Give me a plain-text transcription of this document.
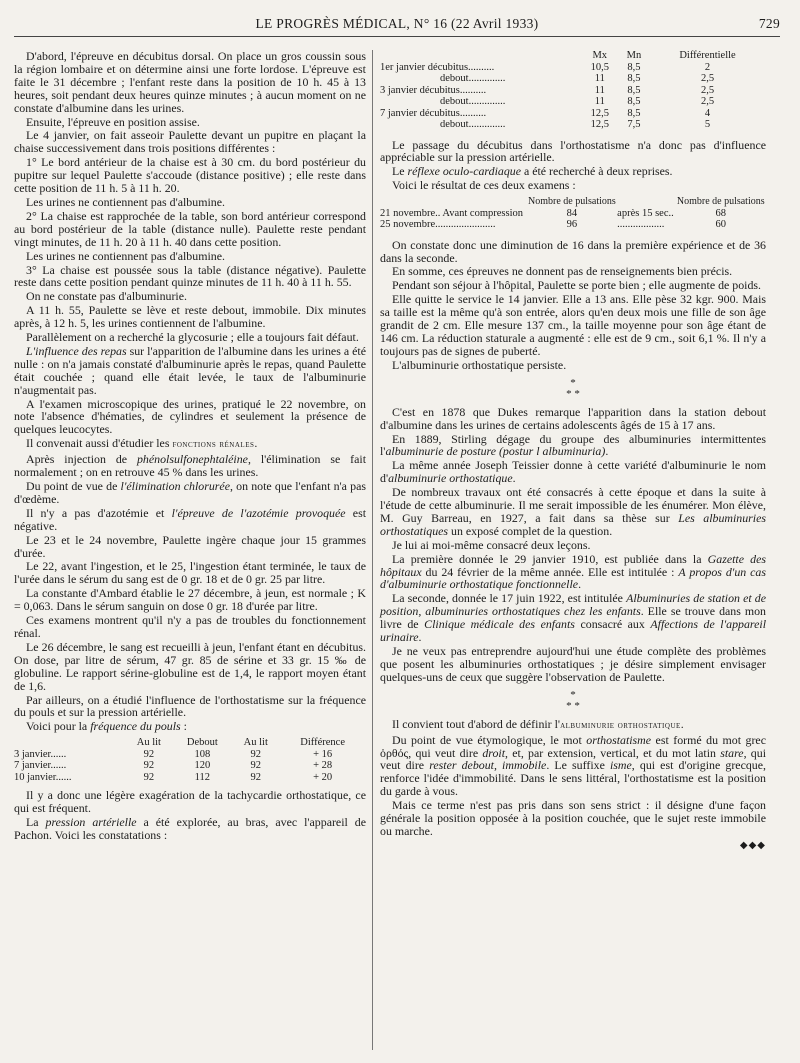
LE PROGRÈS MÉDICAL, N° 16 (22 Avril 1933)	729

D'abord, l'épreuve en décubitus dorsal. On place un gros coussin sous la région lombaire et on détermine ainsi une forte lordose. L'épreuve est faite le 31 décembre ; l'enfant reste dans la position de 10 h. 45 à 13 heures, soit pendant deux heures quinze minutes ; à aucun moment on ne constate d'albumine dans les urines.

Ensuite, l'épreuve en position assise.

Le 4 janvier, on fait asseoir Paulette devant un pupitre en plaçant la chaise successivement dans trois positions différentes :

1° Le bord antérieur de la chaise est à 30 cm. du bord postérieur du pupitre sur lequel Paulette s'accoude (distance positive) ; elle reste dans cette position de 11 h. 5 à 11 h. 20.

Les urines ne contiennent pas d'albumine.

2° La chaise est rapprochée de la table, son bord antérieur correspond au bord postérieur de la table (distance nulle). Paulette reste pendant vingt minutes, de 11 h. 20 à 11 h. 40 dans cette position.

Les urines ne contiennent pas d'albumine.

3° La chaise est poussée sous la table (distance négative). Paulette reste dans cette position pendant quinze minutes de 11 h. 40 à 11 h. 55.

On ne constate pas d'albuminurie.

A 11 h. 55, Paulette se lève et reste debout, immobile. Dix minutes après, à 12 h. 5, les urines contiennent de l'albumine.

Parallèlement on a recherché la glycosurie ; elle a toujours fait défaut.

L'influence des repas sur l'apparition de l'albumine dans les urines a été nulle : on n'a jamais constaté d'albuminurie après le repas, quand Paulette était couchée ; quand elle était levée, le taux de l'albuminurie n'augmentait pas.

A l'examen microscopique des urines, pratiqué le 22 novembre, on note l'absence d'hématies, de cylindres et seulement la présence de quelques leucocytes.

Il convenait aussi d'étudier les fonctions rénales.

Après injection de phénolsulfonephtaléine, l'élimination se fait normalement ; on en retrouve 45 % dans les urines.

Du point de vue de l'élimination chlorurée, on note que l'enfant n'a pas d'œdème.

Il n'y a pas d'azotémie et l'épreuve de l'azotémie provoquée est négative.

Le 23 et le 24 novembre, Paulette ingère chaque jour 15 grammes d'urée.

Le 22, avant l'ingestion, et le 25, l'ingestion étant terminée, le taux de l'urée dans le sérum du sang est de 0 gr. 18 et de 0 gr. 25 par litre.

La constante d'Ambard établie le 27 décembre, à jeun, est normale ; K = 0,063. Dans le sérum sanguin on dose 0 gr. 18 d'urée par litre.

Ces examens montrent qu'il n'y a pas de troubles du fonctionnement rénal.

Le 26 décembre, le sang est recueilli à jeun, l'enfant étant en décubitus. On dose, par litre de sérum, 47 gr. 85 de sérine et 33 gr. 15 ‰ de globuline. Le rapport sérine-globuline est de 1,4, le rapport moyen étant de 1,6.

Par ailleurs, on a étudié l'influence de l'orthostatisme sur la fréquence du pouls et sur la pression artérielle.

Voici pour la fréquence du pouls :

	Au lit	Debout	Au lit	Différence
3 janvier......	92	108	92	+ 16
7 janvier......	92	120	92	+ 28
10 janvier......	92	112	92	+ 20

Il y a donc une légère exagération de la tachycardie orthostatique, ce qui est fréquent.

La pression artérielle a été explorée, au bras, avec l'appareil de Pachon. Voici les constatations :

	Mx	Mn	Différentielle
1er janvier décubitus..........	10,5	8,5	2
debout..............	11	8,5	2,5
3 janvier décubitus..........	11	8,5	2,5
debout..............	11	8,5	2,5
7 janvier décubitus..........	12,5	8,5	4
debout..............	12,5	7,5	5

Le passage du décubitus dans l'orthostatisme n'a donc pas d'influence appréciable sur la pression artérielle.

Le réflexe oculo-cardiaque a été recherché à deux reprises.

Voici le résultat de ces deux examens :

	Nombre de pulsations		Nombre de pulsations
21 novembre.. Avant compression	84	après 15 sec..	68
25 novembre.......................	96	..................	60

On constate donc une diminution de 16 dans la première expérience et de 36 dans la seconde.

En somme, ces épreuves ne donnent pas de renseignements bien précis.

Pendant son séjour à l'hôpital, Paulette se porte bien ; elle augmente de poids.

Elle quitte le service le 14 janvier. Elle a 13 ans. Elle pèse 32 kgr. 900. Mais sa taille est la même qu'à son entrée, alors qu'en deux mois une fille de son âge grandit de 2 cm. Elle mesure 137 cm., la taille moyenne pour son âge étant de 146 cm. La réduction staturale a augmenté : elle est de 9 cm., soit 6,1 %. Il n'y a toujours pas de signes de puberté.

L'albuminurie orthostatique persiste.

*
* *

C'est en 1878 que Dukes remarque l'apparition dans la station debout d'albumine dans les urines de certains adolescents âgés de 15 à 17 ans.

En 1889, Stirling dégage du groupe des albuminuries intermittentes l'albuminurie de posture (postur l albuminuria).

La même année Joseph Teissier donne à cette variété d'albuminurie le nom d'albuminurie orthostatique.

De nombreux travaux ont été consacrés à cette époque et dans la suite à l'étude de cette albuminurie. Il me serait impossible de les énumérer. Mon élève, M. Guy Barreau, en 1927, a fait dans sa thèse sur Les albuminuries orthostatiques un exposé complet de la question.

Je lui ai moi-même consacré deux leçons.

La première donnée le 29 janvier 1910, est publiée dans la Gazette des hôpitaux du 24 février de la même année. Elle est intitulée : A propos d'un cas d'albuminurie orthostatique fonctionnelle.

La seconde, donnée le 17 juin 1922, est intitulée Albuminuries de station et de position, albuminuries orthostatiques chez les enfants. Elle se trouve dans mon livre de Clinique médicale des enfants consacré aux Affections de l'appareil urinaire.

Je ne veux pas entreprendre aujourd'hui une étude complète des problèmes que posent les albuminuries orthostatiques ; je désire simplement envisager quelques-uns de ceux que suggère l'observation de Paulette.

*
* *

Il convient tout d'abord de définir l'albuminurie orthostatique.

Du point de vue étymologique, le mot orthostatisme est formé du mot grec ὀρθός, qui veut dire droit, et, par extension, vertical, et du mot latin stare, qui veut dire rester debout, immobile. Le suffixe isme, qui est d'origine grecque, renforce l'idée d'immobilité. Dans le sens littéral, l'orthostatisme est la position du garde à vous.

Mais ce terme n'est pas pris dans son sens strict : il désigne d'une façon générale la position opposée à la position couchée, que le sujet reste immobile ou marche.

◆◆◆
